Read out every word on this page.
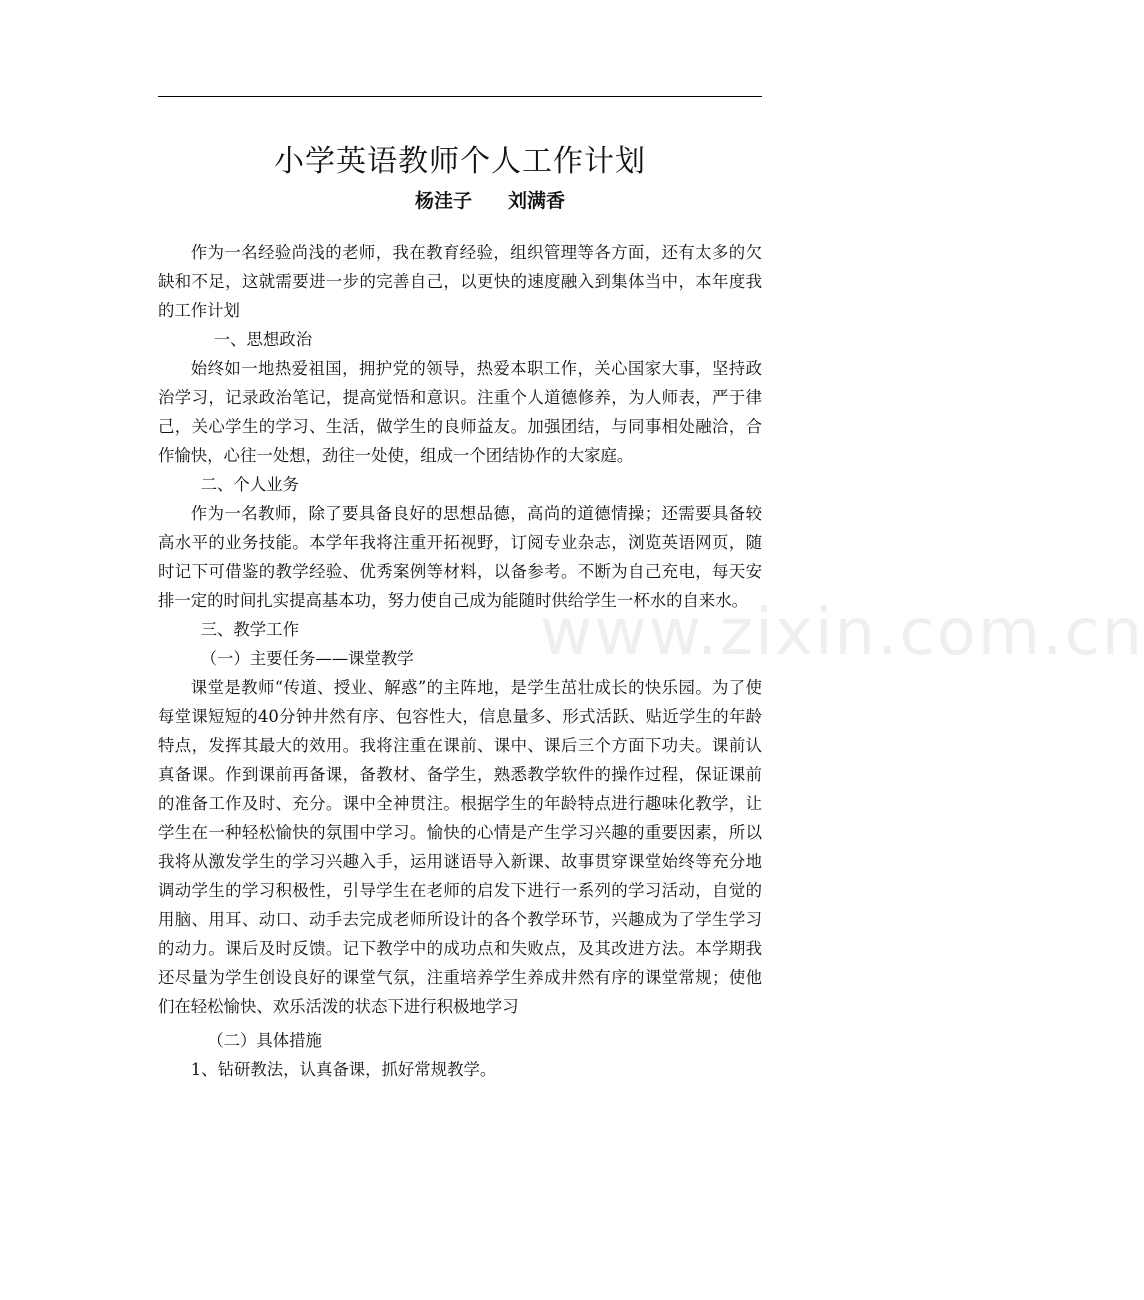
小学英语教师个人工作计划
杨洼子 刘满香
www.zixin.com.cn

作为一名经验尚浅的老师，我在教育经验，组织管理等各方面，还有太多的欠缺和不足，这就需要进一步的完善自己，以更快的速度融入到集体当中，本年度我的工作计划

一、思想政治

始终如一地热爱祖国，拥护党的领导，热爱本职工作，关心国家大事，坚持政治学习，记录政治笔记，提高觉悟和意识。注重个人道德修养，为人师表，严于律己，关心学生的学习、生活，做学生的良师益友。加强团结，与同事相处融洽，合作愉快，心往一处想，劲往一处使，组成一个团结协作的大家庭。

二、个人业务

作为一名教师，除了要具备良好的思想品德，高尚的道德情操；还需要具备较高水平的业务技能。本学年我将注重开拓视野，订阅专业杂志，浏览英语网页，随时记下可借鉴的教学经验、优秀案例等材料，以备参考。不断为自己充电，每天安排一定的时间扎实提高基本功，努力使自己成为能随时供给学生一杯水的自来水。

三、教学工作

（一）主要任务——课堂教学

课堂是教师“传道、授业、解惑”的主阵地，是学生茁壮成长的快乐园。为了使每堂课短短的40分钟井然有序、包容性大，信息量多、形式活跃、贴近学生的年龄特点，发挥其最大的效用。我将注重在课前、课中、课后三个方面下功夫。课前认真备课。作到课前再备课，备教材、备学生，熟悉教学软件的操作过程，保证课前的准备工作及时、充分。课中全神贯注。根据学生的年龄特点进行趣味化教学，让学生在一种轻松愉快的氛围中学习。愉快的心情是产生学习兴趣的重要因素，所以我将从激发学生的学习兴趣入手，运用谜语导入新课、故事贯穿课堂始终等充分地调动学生的学习积极性，引导学生在老师的启发下进行一系列的学习活动，自觉的用脑、用耳、动口、动手去完成老师所设计的各个教学环节，兴趣成为了学生学习的动力。课后及时反馈。记下教学中的成功点和失败点，及其改进方法。本学期我还尽量为学生创设良好的课堂气氛，注重培养学生养成井然有序的课堂常规；使他们在轻松愉快、欢乐活泼的状态下进行积极地学习

（二）具体措施

1、钻研教法，认真备课，抓好常规教学。
